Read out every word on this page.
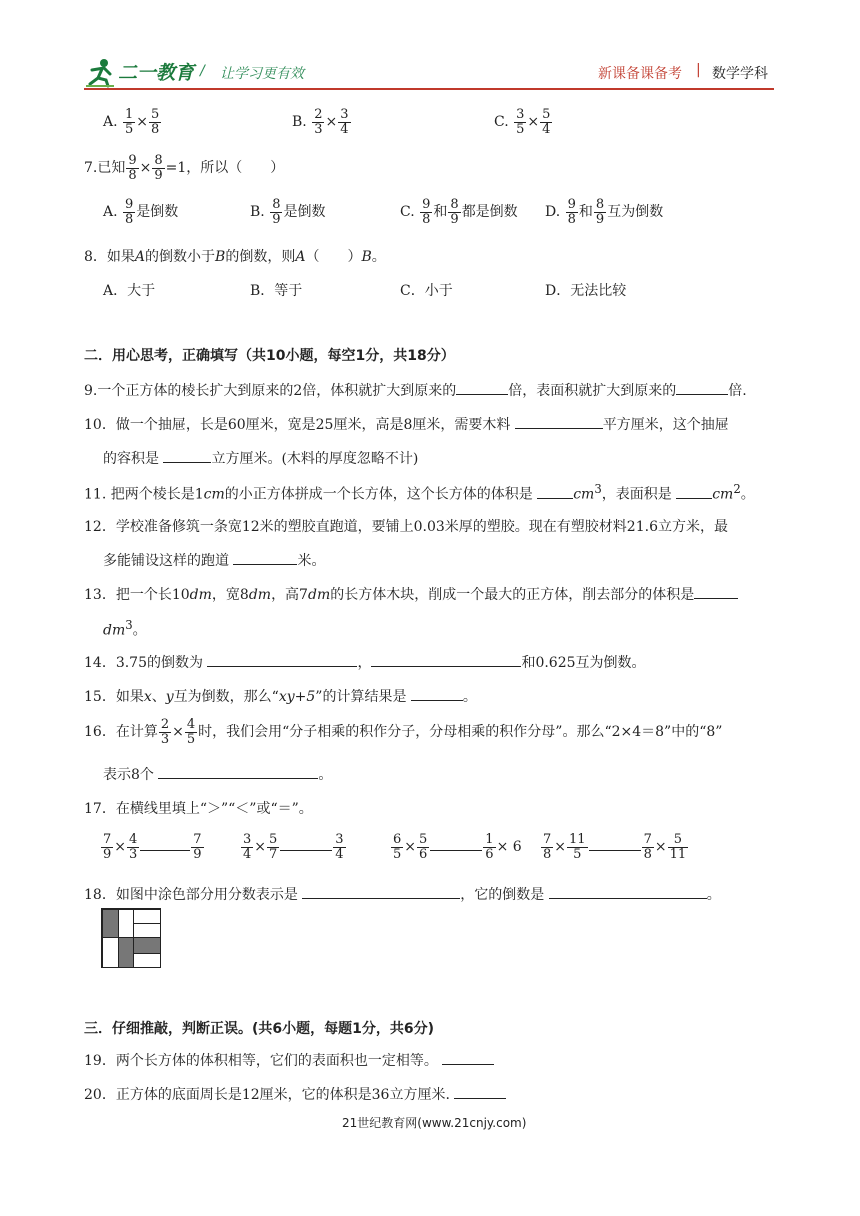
二一教育 / 让学习更有效	新课备课备考 | 数学学科
A. $\frac{1}{5} \times \frac{5}{8}$	B. $\frac{2}{3} \times \frac{3}{4}$	C. $\frac{3}{5} \times \frac{5}{4}$
7.已知 $\frac{9}{8} \times \frac{8}{9} =1$，所以（　　）
A. $\frac{9}{8}$ 是倒数	B. $\frac{8}{9}$ 是倒数	C. $\frac{9}{8}$ 和 $\frac{8}{9}$ 都是倒数 D. $\frac{9}{8}$ 和 $\frac{8}{9}$ 互为倒数
8．如果A的倒数小于B的倒数，则A（　　）B。
A．大于	B．等于	C．小于	D．无法比较
二．用心思考，正确填写（共10小题，每空1分，共18分）
9.一个正方体的棱长扩大到原来的2倍，体积就扩大到原来的	倍，表面积就扩大到原来的	倍.
10．做一个抽屉，长是60厘米，宽是25厘米，高是8厘米，需要木料	平方厘米，这个抽屉
的容积是	立方厘米。(木料的厚度忽略不计)
11. 把两个棱长是1cm的小正方体拼成一个长方体，这个长方体的体积是	$cm^3$，表面积是	$cm^2$。
12．学校准备修筑一条宽12米的塑胶直跑道，要铺上0.03米厚的塑胶。现在有塑胶材料21.6立方米，最
多能铺设这样的跑道	米。
13．把一个长10dm，宽8dm，高7dm的长方体木块，削成一个最大的正方体，削去部分的体积是
$dm^3$。
14．3.75的倒数为	，	和0.625互为倒数。
15．如果x、y互为倒数，那么“xy+5”的计算结果是	。
16．在计算 $\frac{2}{3} \times \frac{4}{5}$ 时，我们会用“分子相乘的积作分子，分母相乘的积作分母”。那么“2×4＝8”中的“8”
表示8个	。
17．在横线里填上“＞”“＜”或“＝”。
$\frac{7}{9} \times \frac{4}{3}$	$\frac{7}{9}$	$\frac{3}{4} \times \frac{5}{7}$	$\frac{3}{4}$	$\frac{6}{5} \times \frac{5}{6}$	$\frac{1}{6} \times 6 \frac{7}{8} \times \frac{11}{5}$	$\frac{7}{8} \times \frac{5}{11}$
18．如图中涂色部分用分数表示是	，它的倒数是	。
三．仔细推敲，判断正误。(共6小题，每题1分，共6分)
19．两个长方体的体积相等，它们的表面积也一定相等。
20．正方体的底面周长是12厘米，它的体积是36立方厘米.
21世纪教育网(www.21cnjy.com)
